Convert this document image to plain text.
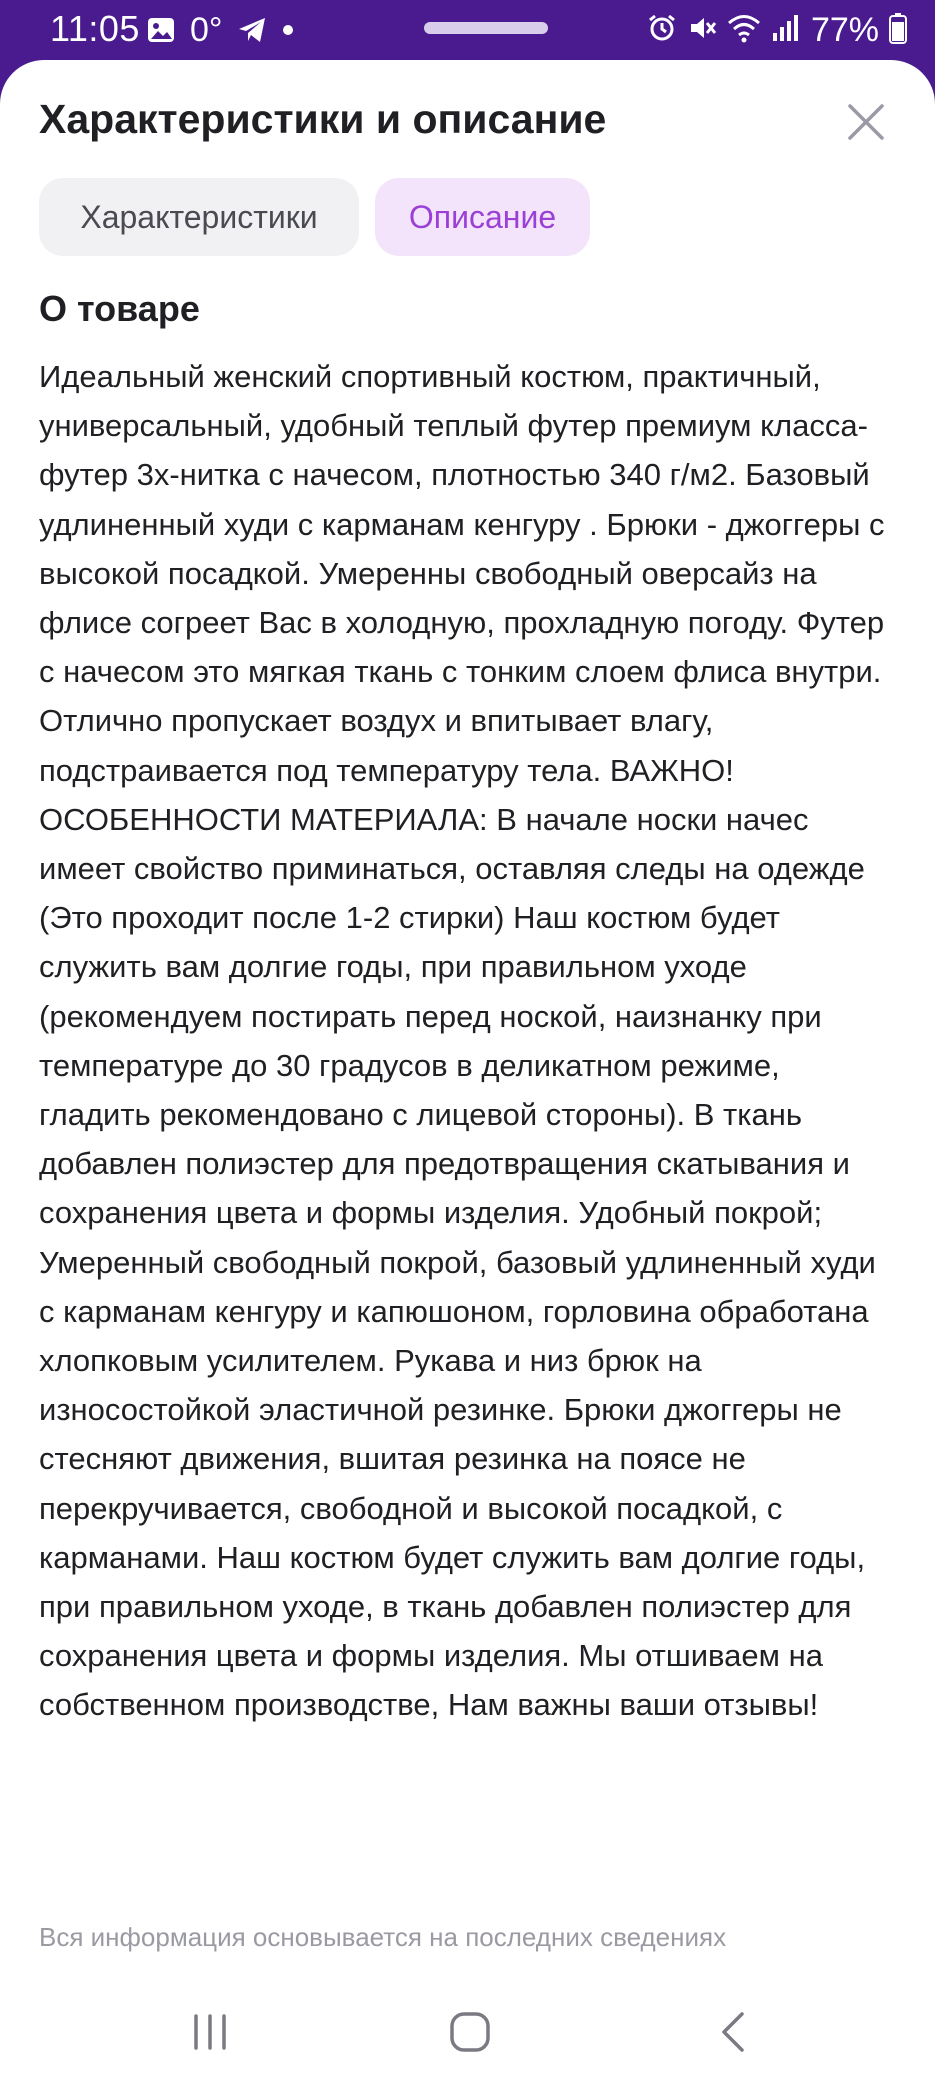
11:05 0°	77%
Характеристики и описание
Характеристики	Описание
О товаре

Идеальный женский спортивный костюм, практичный, универсальный, удобный теплый футер премиум класса-футер 3х-нитка с начесом, плотностью 340 г/м2. Базовый удлиненный худи с карманам кенгуру . Брюки - джоггеры с высокой посадкой. Умеренны свободный оверсайз на флисе согреет Вас в холодную, прохладную погоду. Футер с начесом это мягкая ткань с тонким слоем флиса внутри. Отлично пропускает воздух и впитывает влагу, подстраивается под температуру тела. ВАЖНО! ОСОБЕННОСТИ МАТЕРИАЛА: В начале носки начес имеет свойство приминаться, оставляя следы на одежде (Это проходит после 1-2 стирки) Наш костюм будет служить вам долгие годы, при правильном уходе (рекомендуем постирать перед ноской, наизнанку при температуре до 30 градусов в деликатном режиме, гладить рекомендовано с лицевой стороны). В ткань добавлен полиэстер для предотвращения скатывания и сохранения цвета и формы изделия. Удобный покрой; Умеренный свободный покрой, базовый удлиненный худи с карманам кенгуру и капюшоном, горловина обработана хлопковым усилителем. Рукава и низ брюк на износостойкой эластичной резинке. Брюки джоггеры не стесняют движения, вшитая резинка на поясе не перекручивается, свободной и высокой посадкой, с карманами. Наш костюм будет служить вам долгие годы, при правильном уходе, в ткань добавлен полиэстер для сохранения цвета и формы изделия. Мы отшиваем на собственном производстве, Нам важны ваши отзывы!

Вся информация основывается на последних сведениях
